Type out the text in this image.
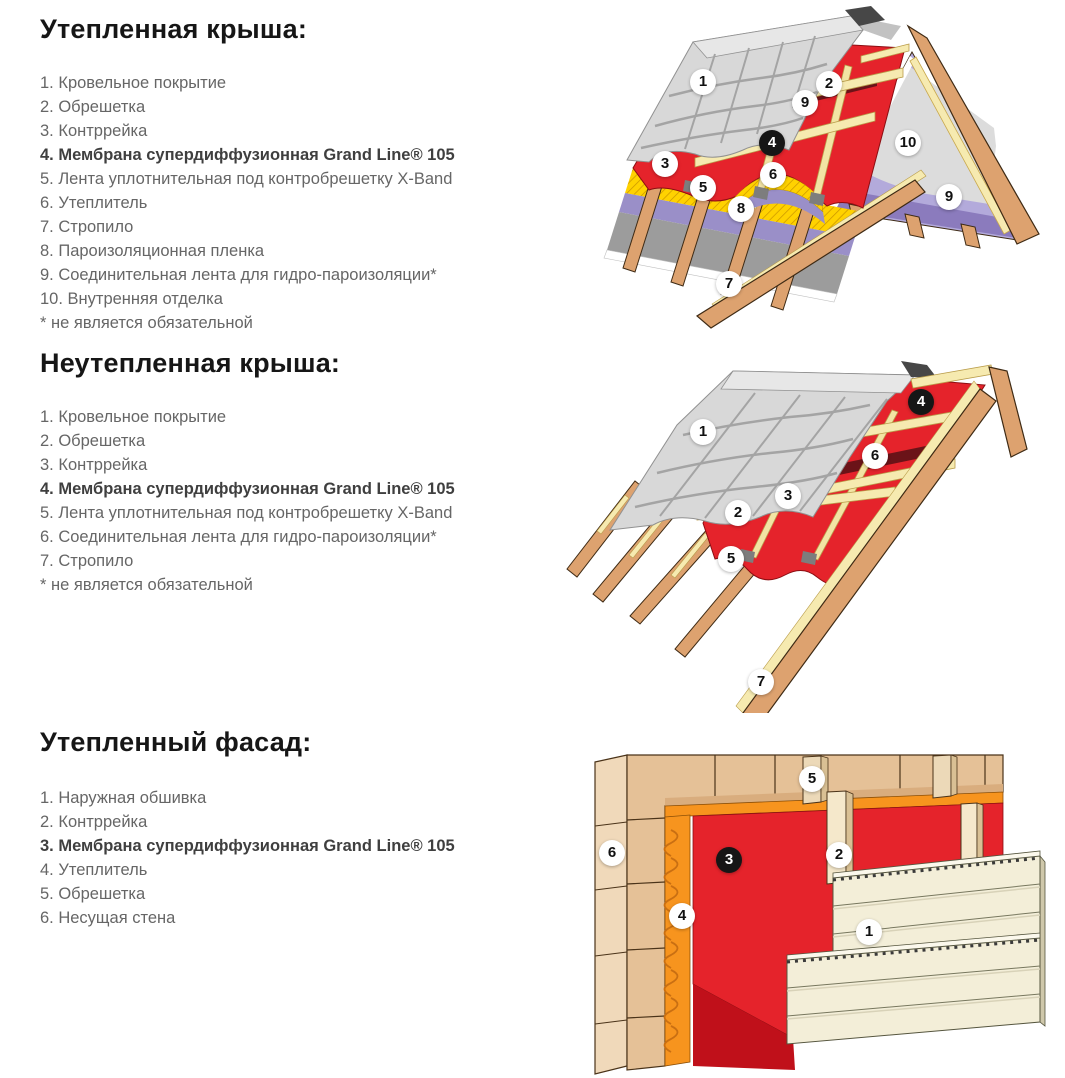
Утепленная крыша:
1. Кровельное покрытие
2. Обрешетка
3. Контррейка
4. Мембрана супердиффузионная Grand Line® 105
5. Лента уплотнительная под контробрешетку X-Band
6. Утеплитель
7. Стропило
8. Пароизоляционная пленка
9. Соединительная лента для гидро-пароизоляции*
10. Внутренняя отделка
* не является обязательной
Неутепленная крыша:
1. Кровельное покрытие
2. Обрешетка
3. Контррейка
4. Мембрана супердиффузионная Grand Line® 105
5. Лента уплотнительная под контробрешетку X-Band
6. Соединительная лента для гидро-пароизоляции*
7. Стропило
* не является обязательной
Утепленный фасад:
1. Наружная обшивка
2. Контррейка
3. Мембрана супердиффузионная Grand Line® 105
4. Утеплитель
5. Обрешетка
6. Несущая стена
1	2
9
4
3
6
5
8
7
10
9
1
4
6
3
2
5
7
5
6	3	2
4
1
